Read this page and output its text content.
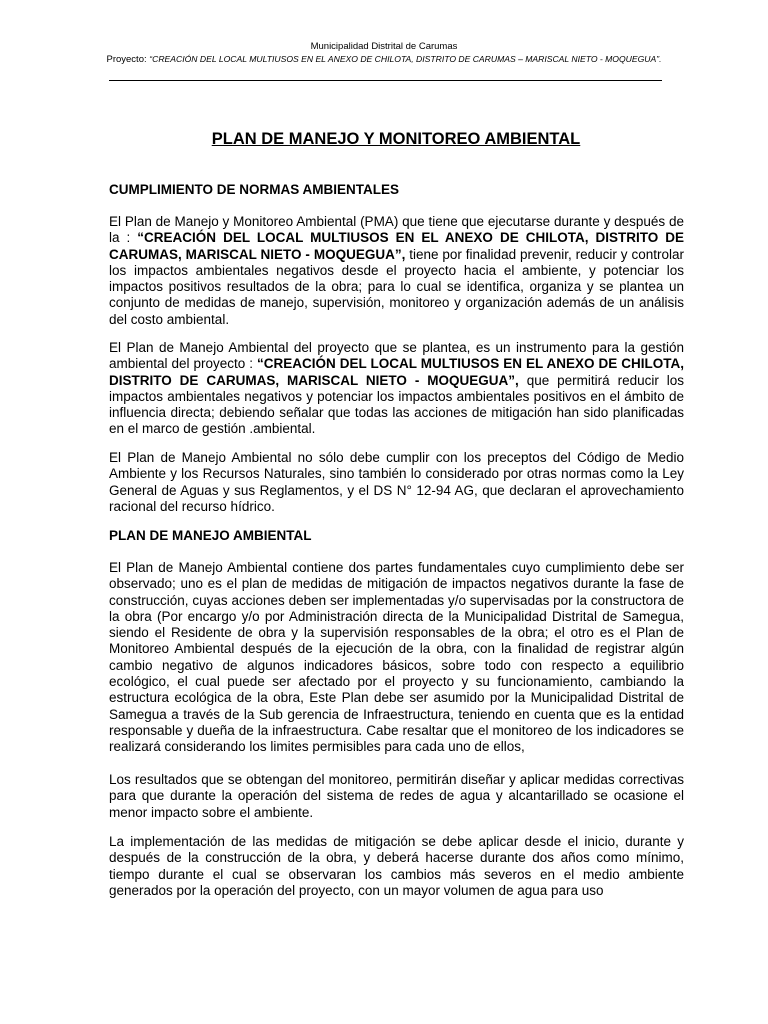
Municipalidad Distrital de Carumas
Proyecto: “CREACIÓN DEL LOCAL MULTIUSOS EN EL ANEXO DE CHILOTA, DISTRITO DE CARUMAS – MARISCAL NIETO - MOQUEGUA”.
PLAN DE MANEJO Y MONITOREO AMBIENTAL
CUMPLIMIENTO DE NORMAS AMBIENTALES
El Plan de Manejo y Monitoreo Ambiental (PMA) que tiene que ejecutarse durante y después de la : “CREACIÓN DEL LOCAL MULTIUSOS EN EL ANEXO DE CHILOTA, DISTRITO DE CARUMAS, MARISCAL NIETO - MOQUEGUA”, tiene por finalidad prevenir, reducir y controlar los impactos ambientales negativos desde el proyecto hacia el ambiente, y potenciar los impactos positivos resultados de la obra; para lo cual se identifica, organiza y se plantea un conjunto de medidas de manejo, supervisión, monitoreo y organización además de un análisis del costo ambiental.
El Plan de Manejo Ambiental del proyecto que se plantea, es un instrumento para la gestión ambiental del proyecto : “CREACIÓN DEL LOCAL MULTIUSOS EN EL ANEXO DE CHILOTA, DISTRITO DE CARUMAS, MARISCAL NIETO - MOQUEGUA”, que permitirá reducir los impactos ambientales negativos y potenciar los impactos ambientales positivos en el ámbito de influencia directa; debiendo señalar que todas las acciones de mitigación han sido planificadas en el marco de gestión .ambiental.
El Plan de Manejo Ambiental no sólo debe cumplir con los preceptos del Código de Medio Ambiente y los Recursos Naturales, sino también lo considerado por otras normas como la Ley General de Aguas y sus Reglamentos, y el DS N° 12-94 AG, que declaran el aprovechamiento racional del recurso hídrico.
PLAN DE MANEJO AMBIENTAL
El Plan de Manejo Ambiental contiene dos partes fundamentales cuyo cumplimiento debe ser observado; uno es el plan de medidas de mitigación de impactos negativos durante la fase de construcción, cuyas acciones deben ser implementadas y/o supervisadas por la constructora de la obra (Por encargo y/o por Administración directa de la Municipalidad Distrital de Samegua, siendo el Residente de obra y la supervisión responsables de la obra; el otro es el Plan de Monitoreo Ambiental después de la ejecución de la obra, con la finalidad de registrar algún cambio negativo de algunos indicadores básicos, sobre todo con respecto a equilibrio ecológico, el cual puede ser afectado por el proyecto y su funcionamiento, cambiando la estructura ecológica de la obra, Este Plan debe ser asumido por la Municipalidad Distrital de Samegua a través de la Sub gerencia de Infraestructura, teniendo en cuenta que es la entidad responsable y dueña de la infraestructura. Cabe resaltar que el monitoreo de los indicadores se realizará considerando los limites permisibles para cada uno de ellos,
Los resultados que se obtengan del monitoreo, permitirán diseñar y aplicar medidas correctivas para que durante la operación del sistema de redes de agua y alcantarillado se ocasione el menor impacto sobre el ambiente.
La implementación de las medidas de mitigación se debe aplicar desde el inicio, durante y después de la construcción de la obra, y deberá hacerse durante dos años como mínimo, tiempo durante el cual se observaran los cambios más severos en el medio ambiente generados por la operación del proyecto, con un mayor volumen de agua para uso
